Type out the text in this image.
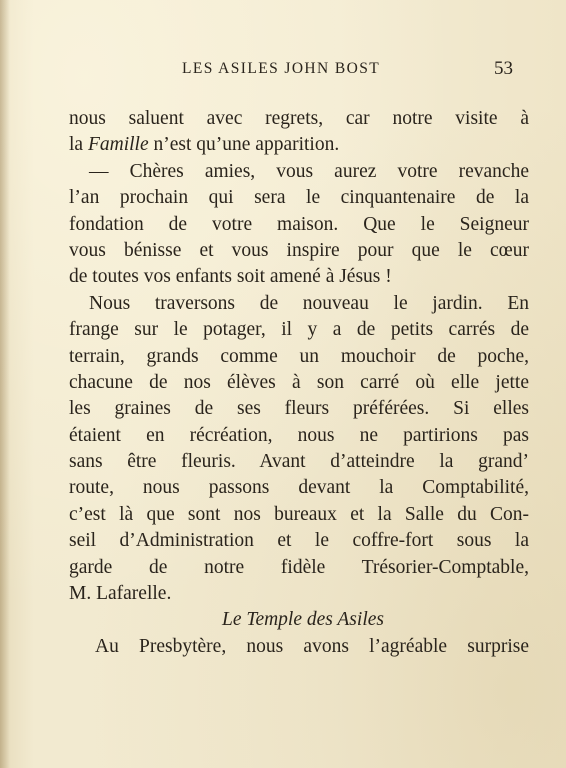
LES ASILES JOHN BOST	53
nous saluent avec regrets, car notre visite à
la Famille n’est qu’une apparition.
— Chères amies, vous aurez votre revanche
l’an prochain qui sera le cinquantenaire de la
fondation de votre maison. Que le Seigneur
vous bénisse et vous inspire pour que le cœur
de toutes vos enfants soit amené à Jésus !
Nous traversons de nouveau le jardin. En
frange sur le potager, il y a de petits carrés de
terrain, grands comme un mouchoir de poche,
chacune de nos élèves à son carré où elle jette
les graines de ses fleurs préférées. Si elles
étaient en récréation, nous ne partirions pas
sans être fleuris. Avant d’atteindre la grand’
route, nous passons devant la Comptabilité,
c’est là que sont nos bureaux et la Salle du Con-
seil d’Administration et le coffre-fort sous la
garde de notre fidèle Trésorier-Comptable,
M. Lafarelle.
Le Temple des Asiles
Au Presbytère, nous avons l’agréable surprise
